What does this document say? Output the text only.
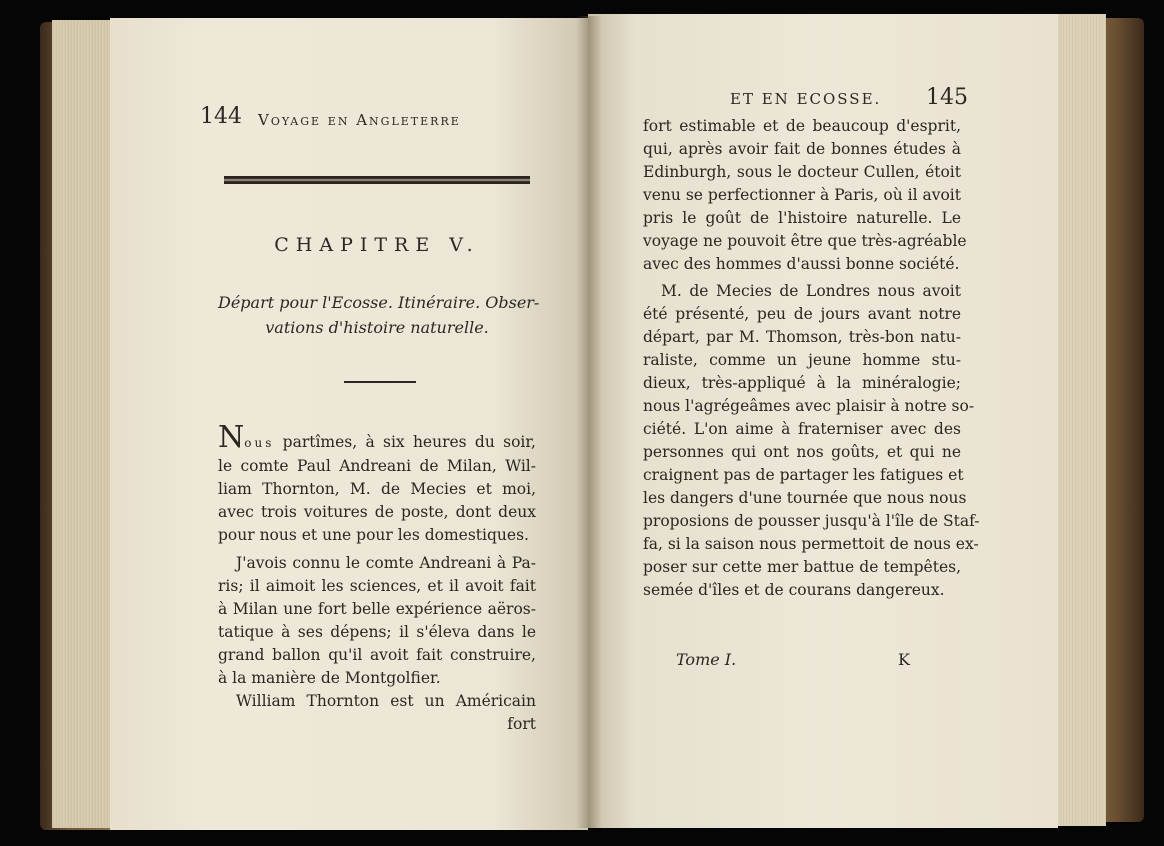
144 Voyage en Angleterre
CHAPITRE V.
Départ pour l'Ecosse. Itinéraire. Obser-
vations d'histoire naturelle.
Nous partîmes, à six heures du soir,
le comte Paul Andreani de Milan, Wil-
liam Thornton, M. de Mecies et moi,
avec trois voitures de poste, dont deux
pour nous et une pour les domestiques.
J'avois connu le comte Andreani à Pa-
ris; il aimoit les sciences, et il avoit fait
à Milan une fort belle expérience aëros-
tatique à ses dépens; il s'éleva dans le
grand ballon qu'il avoit fait construire,
à la manière de Montgolfier.
William Thornton est un Américain
fort
ET EN ECOSSE. 145
fort estimable et de beaucoup d'esprit,
qui, après avoir fait de bonnes études à
Edinburgh, sous le docteur Cullen, étoit
venu se perfectionner à Paris, où il avoit
pris le goût de l'histoire naturelle. Le
voyage ne pouvoit être que très-agréable
avec des hommes d'aussi bonne société.
M. de Mecies de Londres nous avoit
été présenté, peu de jours avant notre
départ, par M. Thomson, très-bon natu-
raliste, comme un jeune homme stu-
dieux, très-appliqué à la minéralogie;
nous l'agrégeâmes avec plaisir à notre so-
ciété. L'on aime à fraterniser avec des
personnes qui ont nos goûts, et qui ne
craignent pas de partager les fatigues et
les dangers d'une tournée que nous nous
proposions de pousser jusqu'à l'île de Staf-
fa, si la saison nous permettoit de nous ex-
poser sur cette mer battue de tempêtes,
semée d'îles et de courans dangereux.
Tome I.	K
